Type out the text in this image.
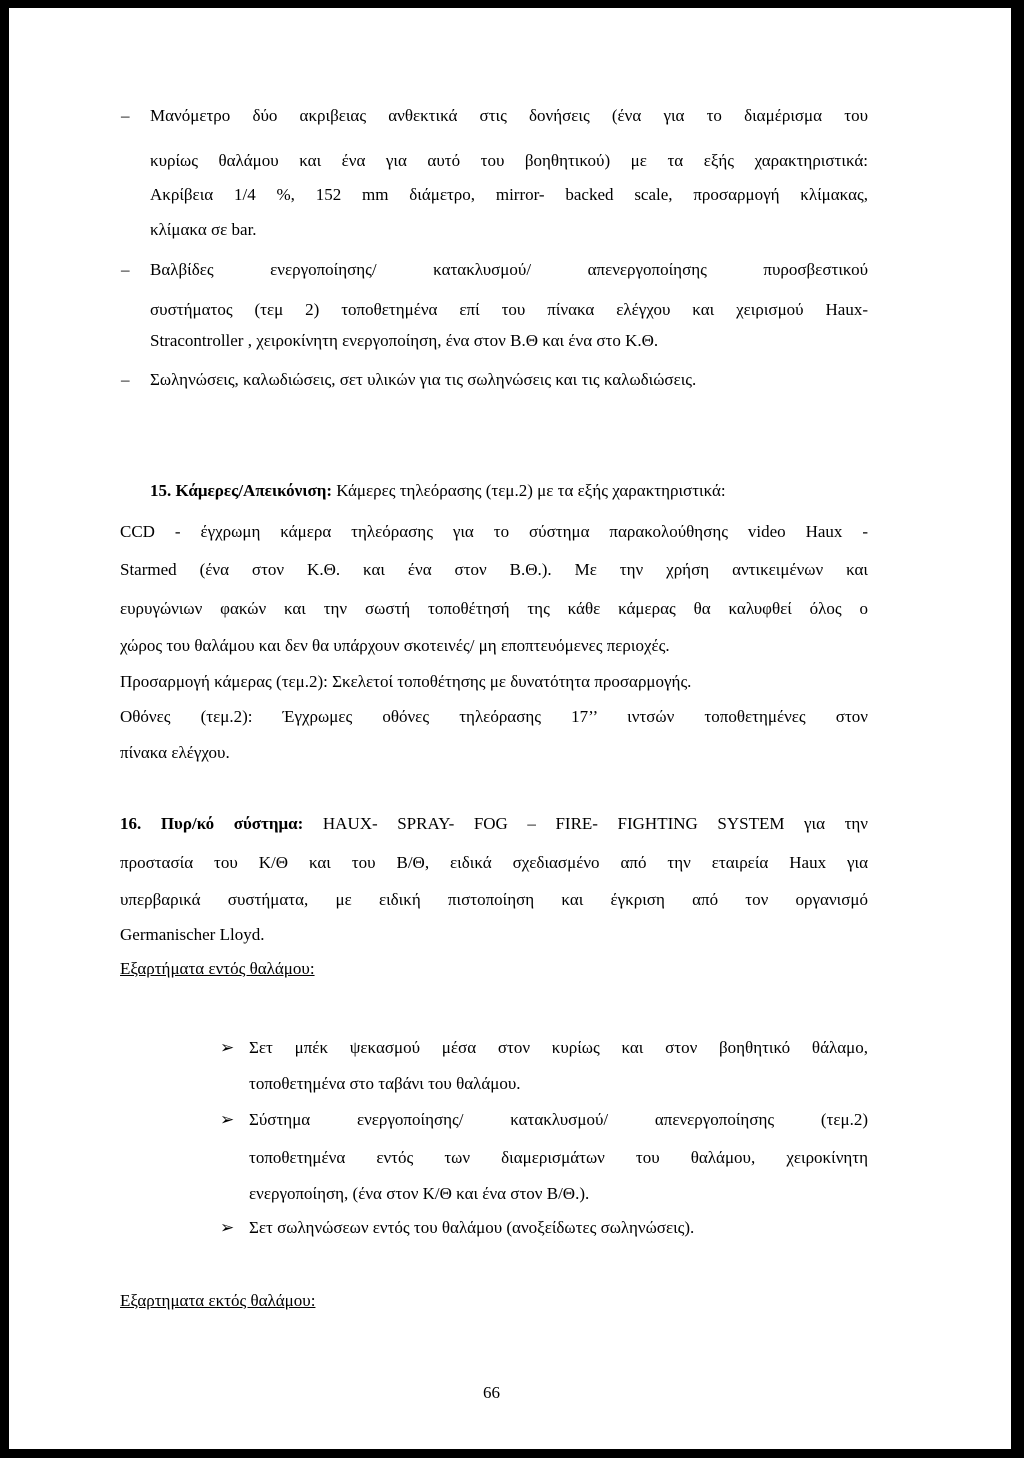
– Μανόμετρο δύο ακριβειας ανθεκτικά στις δονήσεις (ένα για το διαμέρισμα του
κυρίως θαλάμου και ένα για αυτό του βοηθητικού) με τα εξής χαρακτηριστικά:
Ακρίβεια 1/4 %, 152 mm διάμετρο, mirror- backed scale, προσαρμογή κλίμακας,
κλίμακα σε bar.
– Βαλβίδες ενεργοποίησης/ κατακλυσμού/ απενεργοποίησης πυροσβεστικού
συστήματος (τεμ 2) τοποθετημένα επί του πίνακα ελέγχου και χειρισμού Haux-
Stracontroller , χειροκίνητη ενεργοποίηση, ένα στον Β.Θ και ένα στο Κ.Θ.
– Σωληνώσεις, καλωδιώσεις, σετ υλικών για τις σωληνώσεις και τις καλωδιώσεις.
15. Κάμερες/Απεικόνιση: Κάμερες τηλεόρασης (τεμ.2) με τα εξής χαρακτηριστικά:
CCD - έγχρωμη κάμερα τηλεόρασης για το σύστημα παρακολούθησης video Haux -
Starmed (ένα στον Κ.Θ. και ένα στον Β.Θ.). Με την χρήση αντικειμένων και
ευρυγώνιων φακών και την σωστή τοποθέτησή της κάθε κάμερας θα καλυφθεί όλος ο
χώρος του θαλάμου και δεν θα υπάρχουν σκοτεινές/ μη εποπτευόμενες περιοχές.
Προσαρμογή κάμερας (τεμ.2): Σκελετοί τοποθέτησης με δυνατότητα προσαρμογής.
Οθόνες (τεμ.2): Έγχρωμες οθόνες τηλεόρασης 17’’ ιντσών τοποθετημένες στον
πίνακα ελέγχου.
16. Πυρ/κό σύστημα: HAUX- SPRAY- FOG – FIRE- FIGHTING SYSTEM για την
προστασία του Κ/Θ και του Β/Θ, ειδικά σχεδιασμένο από την εταιρεία Haux για
υπερβαρικά συστήματα, με ειδική πιστοποίηση και έγκριση από τον οργανισμό
Germanischer Lloyd.
Εξαρτήματα εντός θαλάμου:
➢ Σετ μπέκ ψεκασμού μέσα στον κυρίως και στον βοηθητικό θάλαμο,
τοποθετημένα στο ταβάνι του θαλάμου.
➢ Σύστημα ενεργοποίησης/ κατακλυσμού/ απενεργοποίησης (τεμ.2)
τοποθετημένα εντός των διαμερισμάτων του θαλάμου, χειροκίνητη
ενεργοποίηση, (ένα στον Κ/Θ και ένα στον Β/Θ.).
➢ Σετ σωληνώσεων εντός του θαλάμου (ανοξείδωτες σωληνώσεις).
Εξαρτηματα εκτός θαλάμου:
66
